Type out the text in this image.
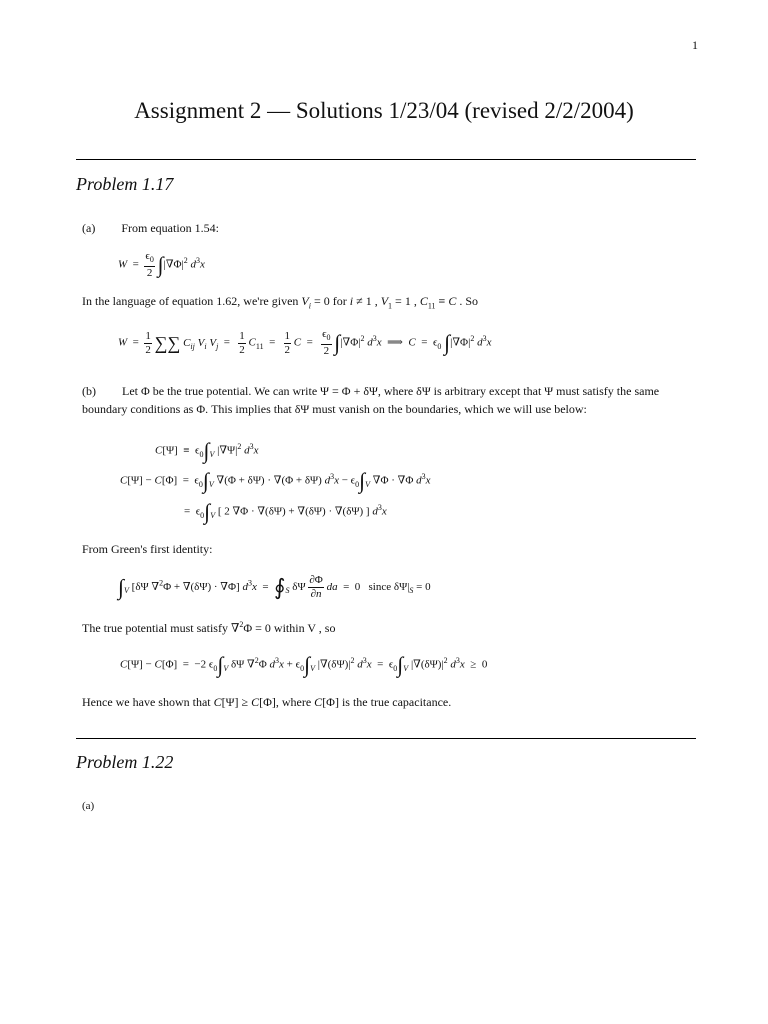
1
Assignment 2 — Solutions 1/23/04 (revised 2/2/2004)
Problem 1.17
(a) From equation 1.54:
$W = \frac{\epsilon_0}{2} \int|\nabla\Phi|^2$ $d^3x$
In the language of equation 1.62, we're given $V_i = 0$ for i ≠ 1 , $V_1 = 1$ , $C_{11} \equiv C$ . So
$W = \frac{1}{2}$ ∑∑ $C_{ij}$ $V_i$ $V_j = \frac{1}{2} C_{11} = \frac{1}{2}$ $C = \frac{\epsilon_0}{2} \int|\nabla\Phi|^2$ $d^3x$  ⟹  $C = \epsilon_0$ $\int|\nabla\Phi|^2$ $d^3x$
(b) Let Φ be the true potential. We can write Ψ = Φ + δΨ, where δΨ is arbitrary except that Ψ must satisfy the same
boundary conditions as Φ. This implies that δΨ must vanish on the boundaries, which we will use below:
$C[\Psi] \equiv \epsilon_0\int_V$ $|\nabla\Psi|^2$ $d^3x$
$C[\Psi] - C[\Phi] = \epsilon_0\int_V$ ∇(Φ + δΨ) · ∇(Φ + δΨ) $d^3x - \epsilon_0\int_V$ ∇Φ · ∇Φ $d^3x$
=  $\epsilon_0\int_V$ [ 2 ∇Φ · ∇(δΨ) + ∇(δΨ) · ∇(δΨ) ] $d^3x$
From Green's first identity:
$\int_V$ [δΨ ∇$^2$Φ + ∇(δΨ) · ∇Φ] $d^3x$  =  $∮_S$ δΨ $\frac{\partial\Phi}{\partial n}$ da  =  0   since $\delta\Psi|_S = 0$
The true potential must satisfy ∇$^2$Φ = 0 within V , so
C[Ψ] − C[Φ]  =  −2 $\epsilon_0\int_V$ δΨ ∇$^2$Φ $d^3x + \epsilon_0\int_V$ $|\nabla(\delta\Psi)|^2$ $d^3x = \epsilon_0\int_V$ $|\nabla(\delta\Psi)|^2$ $d^3x \ge 0$
Hence we have shown that C[Ψ] ≥ C[Φ], where C[Φ] is the true capacitance.
Problem 1.22
(a)
